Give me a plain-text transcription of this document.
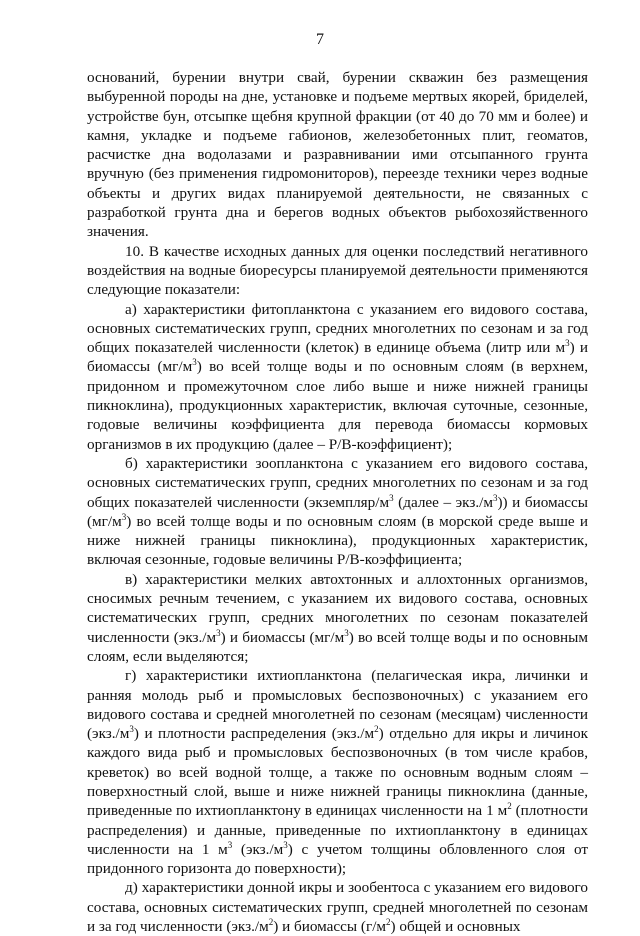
7

оснований, бурении внутри свай, бурении скважин без размещения выбуренной породы на дне, установке и подъеме мертвых якорей, бриделей, устройстве бун, отсыпке щебня крупной фракции (от 40 до 70 мм и более) и камня, укладке и подъеме габионов, железобетонных плит, геоматов, расчистке дна водолазами и разравнивании ими отсыпанного грунта вручную (без применения гидромониторов), переезде техники через водные объекты и других видах планируемой деятельности, не связанных с разработкой грунта дна и берегов водных объектов рыбохозяйственного значения.

10. В качестве исходных данных для оценки последствий негативного воздействия на водные биоресурсы планируемой деятельности применяются следующие показатели:

а) характеристики фитопланктона с указанием его видового состава, основных систематических групп, средних многолетних по сезонам и за год общих показателей численности (клеток) в единице объема (литр или $м^3$) и биомассы $(мг/м^3)$ во всей толще воды и по основным слоям (в верхнем, придонном и промежуточном слое либо выше и ниже нижней границы пикноклина), продукционных характеристик, включая суточные, сезонные, годовые величины коэффициента для перевода биомассы кормовых организмов в их продукцию (далее – P/B-коэффициент);

б) характеристики зоопланктона с указанием его видового состава, основных систематических групп, средних многолетних по сезонам и за год общих показателей численности ($экземпляр/м^3$ (далее – $экз./м^3$)) и биомассы $(мг/м^3)$ во всей толще воды и по основным слоям (в морской среде выше и ниже нижней границы пикноклина), продукционных характеристик, включая сезонные, годовые величины P/B-коэффициента;

в) характеристики мелких автохтонных и аллохтонных организмов, сносимых речным течением, с указанием их видового состава, основных систематических групп, средних многолетних по сезонам показателей численности $(экз./м^3)$ и биомассы $(мг/м^3)$ во всей толще воды и по основным слоям, если выделяются;

г) характеристики ихтиопланктона (пелагическая икра, личинки и ранняя молодь рыб и промысловых беспозвоночных) с указанием его видового состава и средней многолетней по сезонам (месяцам) численности $(экз./м^3)$ и плотности распределения $(экз./м^2)$ отдельно для икры и личинок каждого вида рыб и промысловых беспозвоночных (в том числе крабов, креветок) во всей водной толще, а также по основным водным слоям – поверхностный слой, выше и ниже нижней границы пикноклина (данные, приведенные по ихтиопланктону в единицах численности на 1 $м^2$ (плотности распределения) и данные, приведенные по ихтиопланктону в единицах численности на 1 $м^3$ $(экз./м^3)$ с учетом толщины обловленного слоя от придонного горизонта до поверхности);

д) характеристики донной икры и зообентоса с указанием его видового состава, основных систематических групп, средней многолетней по сезонам и за год численности $(экз./м^2)$ и биомассы $(г/м^2)$ общей и основных
